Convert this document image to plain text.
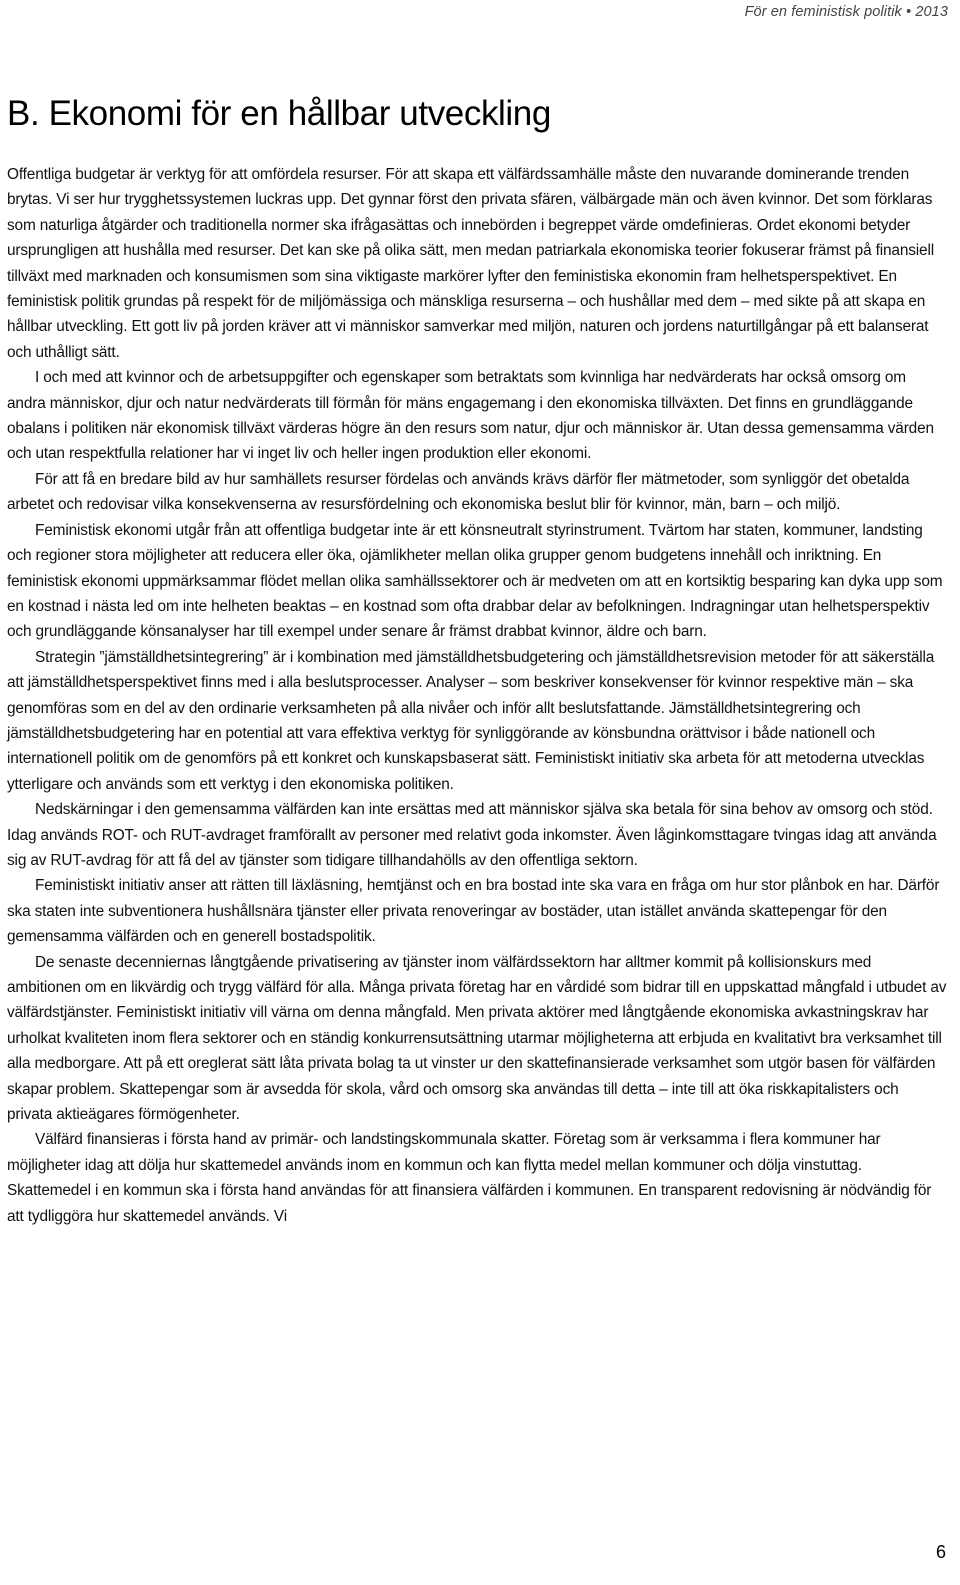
För en feministisk politik • 2013
B. Ekonomi för en hållbar utveckling

Offentliga budgetar är verktyg för att omfördela resurser. För att skapa ett välfärdssamhälle måste den nuvarande dominerande trenden brytas. Vi ser hur trygghetssystemen luckras upp. Det gynnar först den privata sfären, välbärgade män och även kvinnor. Det som förklaras som naturliga åtgärder och traditionella normer ska ifrågasättas och innebörden i begreppet värde omdefinieras. Ordet ekonomi betyder ursprungligen att hushålla med resurser. Det kan ske på olika sätt, men medan patriarkala ekonomiska teorier fokuserar främst på finansiell tillväxt med marknaden och konsumismen som sina viktigaste markörer lyfter den feministiska ekonomin fram helhetsperspektivet. En feministisk politik grundas på respekt för de miljömässiga och mänskliga resurserna – och hushållar med dem – med sikte på att skapa en hållbar utveckling. Ett gott liv på jorden kräver att vi människor samverkar med miljön, naturen och jordens naturtillgångar på ett balanserat och uthålligt sätt.

I och med att kvinnor och de arbetsuppgifter och egenskaper som betraktats som kvinnliga har nedvärderats har också omsorg om andra människor, djur och natur nedvärderats till förmån för mäns engagemang i den ekonomiska tillväxten. Det finns en grundläggande obalans i politiken när ekonomisk tillväxt värderas högre än den resurs som natur, djur och människor är. Utan dessa gemensamma värden och utan respektfulla relationer har vi inget liv och heller ingen produktion eller ekonomi.

För att få en bredare bild av hur samhällets resurser fördelas och används krävs därför fler mätmetoder, som synliggör det obetalda arbetet och redovisar vilka konsekvenserna av resursfördelning och ekonomiska beslut blir för kvinnor, män, barn – och miljö.

Feministisk ekonomi utgår från att offentliga budgetar inte är ett könsneutralt styrinstrument. Tvärtom har staten, kommuner, landsting och regioner stora möjligheter att reducera eller öka, ojämlikheter mellan olika grupper genom budgetens innehåll och inriktning. En feministisk ekonomi uppmärksammar flödet mellan olika samhällssektorer och är medveten om att en kortsiktig besparing kan dyka upp som en kostnad i nästa led om inte helheten beaktas – en kostnad som ofta drabbar delar av befolkningen. Indragningar utan helhetsperspektiv och grundläggande könsanalyser har till exempel under senare år främst drabbat kvinnor, äldre och barn.

Strategin ”jämställdhetsintegrering” är i kombination med jämställdhetsbudgetering och jämställdhetsrevision metoder för att säkerställa att jämställdhetsperspektivet finns med i alla beslutsprocesser. Analyser – som beskriver konsekvenser för kvinnor respektive män – ska genomföras som en del av den ordinarie verksamheten på alla nivåer och inför allt beslutsfattande. Jämställdhetsintegrering och jämställdhetsbudgetering har en potential att vara effektiva verktyg för synliggörande av könsbundna orättvisor i både nationell och internationell politik om de genomförs på ett konkret och kunskapsbaserat sätt. Feministiskt initiativ ska arbeta för att metoderna utvecklas ytterligare och används som ett verktyg i den ekonomiska politiken.

Nedskärningar i den gemensamma välfärden kan inte ersättas med att människor själva ska betala för sina behov av omsorg och stöd. Idag används ROT- och RUT-avdraget framförallt av personer med relativt goda inkomster. Även låginkomsttagare tvingas idag att använda sig av RUT-avdrag för att få del av tjänster som tidigare tillhandahölls av den offentliga sektorn.

Feministiskt initiativ anser att rätten till läxläsning, hemtjänst och en bra bostad inte ska vara en fråga om hur stor plånbok en har. Därför ska staten inte subventionera hushållsnära tjänster eller privata renoveringar av bostäder, utan istället använda skattepengar för den gemensamma välfärden och en generell bostadspolitik.

De senaste decenniernas långtgående privatisering av tjänster inom välfärdssektorn har alltmer kommit på kollisionskurs med ambitionen om en likvärdig och trygg välfärd för alla. Många privata företag har en vårdidé som bidrar till en uppskattad mångfald i utbudet av välfärdstjänster. Feministiskt initiativ vill värna om denna mångfald. Men privata aktörer med långtgående ekonomiska avkastningskrav har urholkat kvaliteten inom flera sektorer och en ständig konkurrensutsättning utarmar möjligheterna att erbjuda en kvalitativt bra verksamhet till alla medborgare. Att på ett oreglerat sätt låta privata bolag ta ut vinster ur den skattefinansierade verksamhet som utgör basen för välfärden skapar problem. Skattepengar som är avsedda för skola, vård och omsorg ska användas till detta – inte till att öka riskkapitalisters och privata aktieägares förmögenheter.

Välfärd finansieras i första hand av primär- och landstingskommunala skatter. Företag som är verksamma i flera kommuner har möjligheter idag att dölja hur skattemedel används inom en kommun och kan flytta medel mellan kommuner och dölja vinstuttag. Skattemedel i en kommun ska i första hand användas för att finansiera välfärden i kommunen. En transparent redovisning är nödvändig för att tydliggöra hur skattemedel används. Vi

6
